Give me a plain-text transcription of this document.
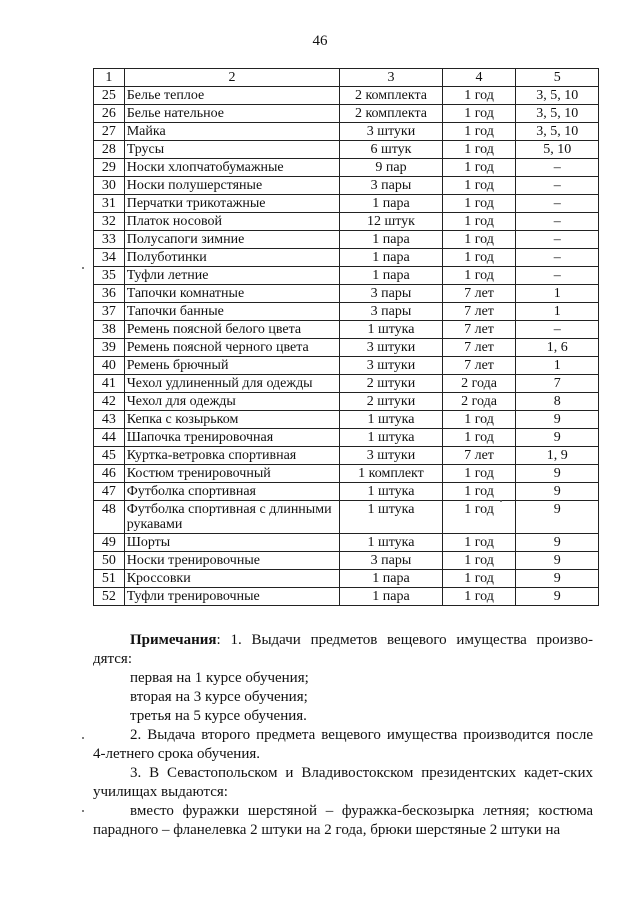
46
1	2	3	4	5
25	Белье теплое	2 комплекта	1 год	3, 5, 10
26	Белье нательное	2 комплекта	1 год	3, 5, 10
27	Майка	3 штуки	1 год	3, 5, 10
28	Трусы	6 штук	1 год	5, 10
29	Носки хлопчатобумажные	9 пар	1 год	–
30	Носки полушерстяные	3 пары	1 год	–
31	Перчатки трикотажные	1 пара	1 год	–
32	Платок носовой	12 штук	1 год	–
33	Полусапоги зимние	1 пара	1 год	–
34	Полуботинки	1 пара	1 год	–
35	Туфли летние	1 пара	1 год	–
36	Тапочки комнатные	3 пары	7 лет	1
37	Тапочки банные	3 пары	7 лет	1
38	Ремень поясной белого цвета	1 штука	7 лет	–
39	Ремень поясной черного цвета	3 штуки	7 лет	1, 6
40	Ремень брючный	3 штуки	7 лет	1
41	Чехол удлиненный для одежды	2 штуки	2 года	7
42	Чехол для одежды	2 штуки	2 года	8
43	Кепка с козырьком	1 штука	1 год	9
44	Шапочка тренировочная	1 штука	1 год	9
45	Куртка-ветровка спортивная	3 штуки	7 лет	1, 9
46	Костюм тренировочный	1 комплект	1 год	9
47	Футболка спортивная	1 штука	1 год	9
48	Футболка спортивная с длинными рукавами	1 штука	1 год	9
49	Шорты	1 штука	1 год	9
50	Носки тренировочные	3 пары	1 год	9
51	Кроссовки	1 пара	1 год	9
52	Туфли тренировочные	1 пара	1 год	9

Примечания: 1. Выдачи предметов вещевого имущества произво-дятся:

первая на 1 курсе обучения;

вторая на 3 курсе обучения;

третья на 5 курсе обучения.

2. Выдача второго предмета вещевого имущества производится после 4-летнего срока обучения.

3. В Севастопольском и Владивостокском президентских кадет-ских училищах выдаются:

вместо фуражки шерстяной – фуражка-бескозырка летняя; костюма парадного – фланелевка 2 штуки на 2 года, брюки шерстяные 2 штуки на
